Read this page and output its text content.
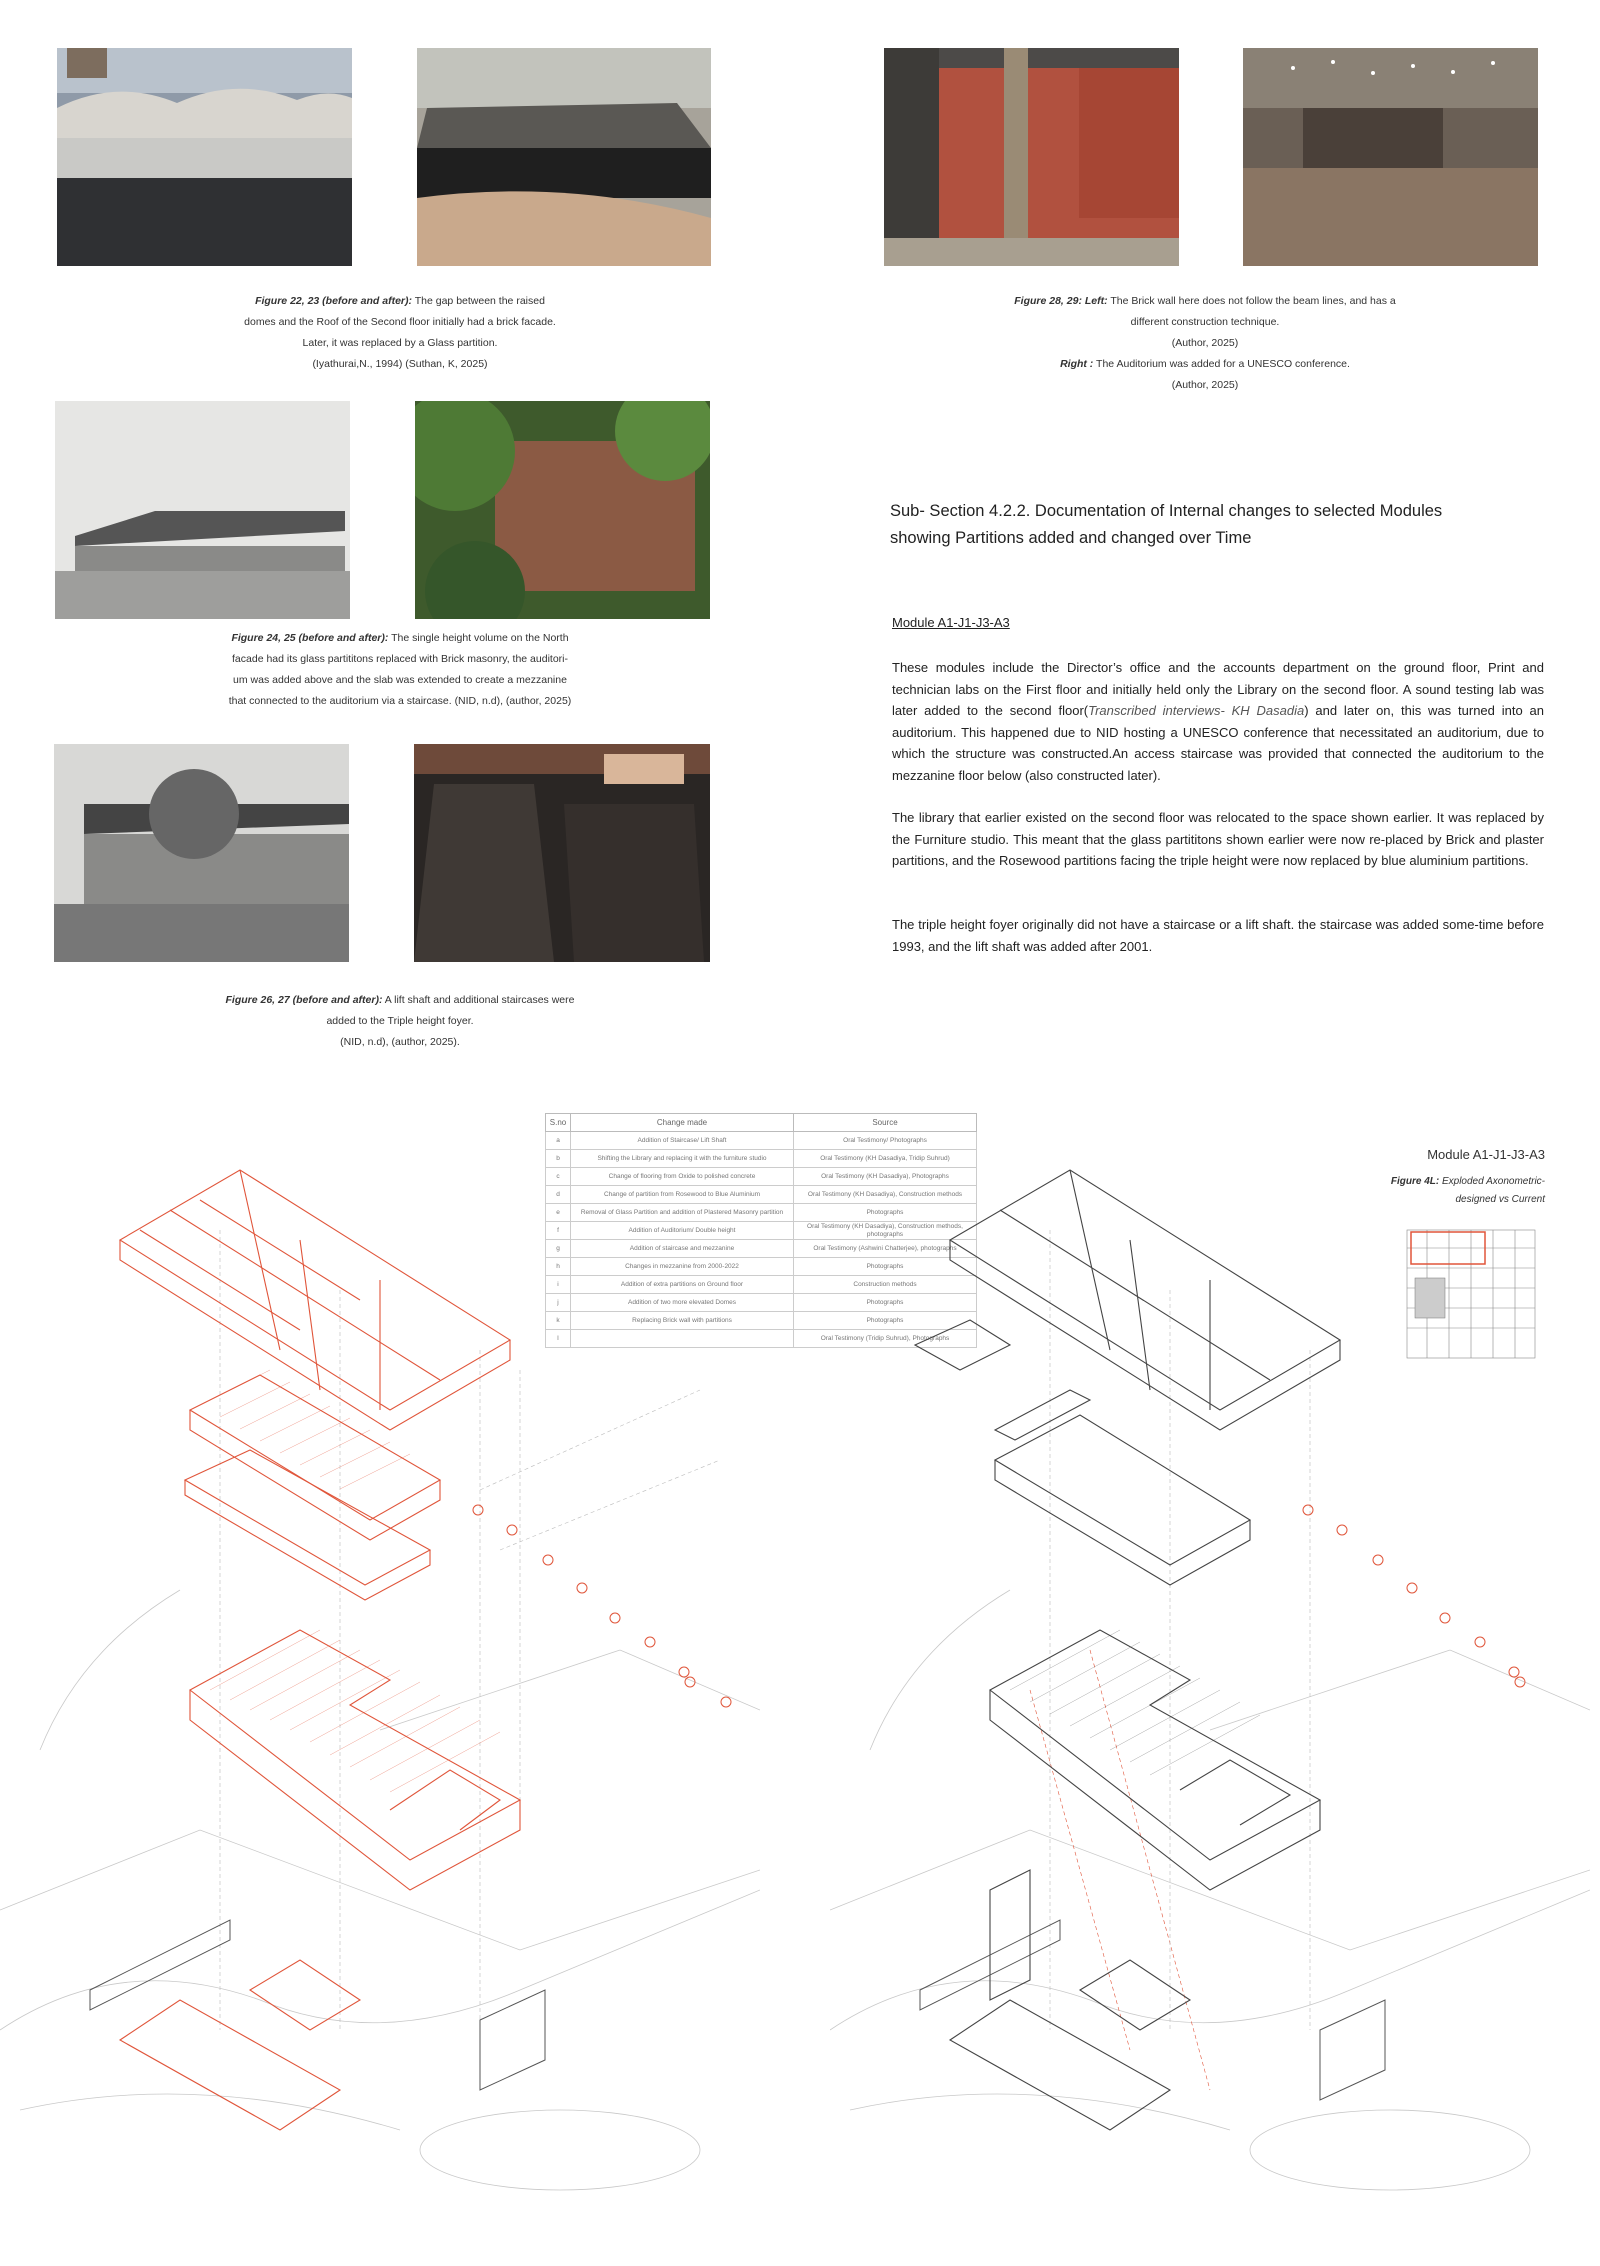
Figure 22, 23 (before and after): The gap between the raised
domes and the Roof of the Second floor initially had a brick facade.
Later, it was replaced by a Glass partition.
(Iyathurai,N., 1994) (Suthan, K, 2025)
Figure 28, 29: Left: The Brick wall here does not follow the beam lines, and has a
different construction technique.
(Author, 2025)
Right : The Auditorium was added for a UNESCO conference.
(Author, 2025)
Figure 24, 25 (before and after): The single height volume on the North
facade had its glass partititons replaced with Brick masonry, the auditori-
um was added above and the slab was extended to create a mezzanine
that connected to the auditorium via a staircase. (NID, n.d), (author, 2025)
Figure 26, 27 (before and after): A lift shaft and additional staircases were
added to the Triple height foyer.
(NID, n.d), (author, 2025).
Sub- Section 4.2.2. Documentation of Internal changes to selected Modules
showing Partitions added and changed over Time
Module A1-J1-J3-A3

These modules include the Director’s office and the accounts department on the ground floor, Print and technician labs on the First floor and initially held only the Library on the second floor. A sound testing lab was later added to the second floor(Transcribed interviews- KH Dasadia) and later on, this was turned into an auditorium. This happened due to NID hosting a UNESCO conference that necessitated an auditorium, due to which the structure was constructed.An access staircase was provided that connected the auditorium to the mezzanine floor below (also constructed later).

The library that earlier existed on the second floor was relocated to the space shown earlier. It was replaced by the Furniture studio. This meant that the glass partititons shown earlier were now re-placed by Brick and plaster partitions, and the Rosewood partitions facing the triple height were now replaced by blue aluminium partitions.

The triple height foyer originally did not have a staircase or a lift shaft. the staircase was added some-time before 1993, and the lift shaft was added after 2001.

S.no	Change made	Source
a	Addition of Staircase/ Lift Shaft	Oral Testimony/ Photographs
b	Shifting the Library and replacing it with the furniture studio	Oral Testimony (KH Dasadiya, Tridip Suhrud)
c	Change of flooring from Oxide to polished concrete	Oral Testimony (KH Dasadiya), Photographs
d	Change of partition from Rosewood to Blue Aluminium	Oral Testimony (KH Dasadiya), Construction methods
e	Removal of Glass Partition and addition of Plastered Masonry partition	Photographs
f	Addition of Auditorium/ Double height	Oral Testimony (KH Dasadiya), Construction methods, photographs
g	Addition of staircase and mezzanine	Oral Testimony (Ashwini Chatterjee), photographs
h	Changes in mezzanine from 2000-2022	Photographs
i	Addition of extra partitions on Ground floor	Construction methods
j	Addition of two more elevated Domes	Photographs
k	Replacing Brick wall with partitions	Photographs
l		Oral Testimony (Tridip Suhrud), Photographs
Module A1-J1-J3-A3
Figure 4L: Exploded Axonometric-
designed vs Current
